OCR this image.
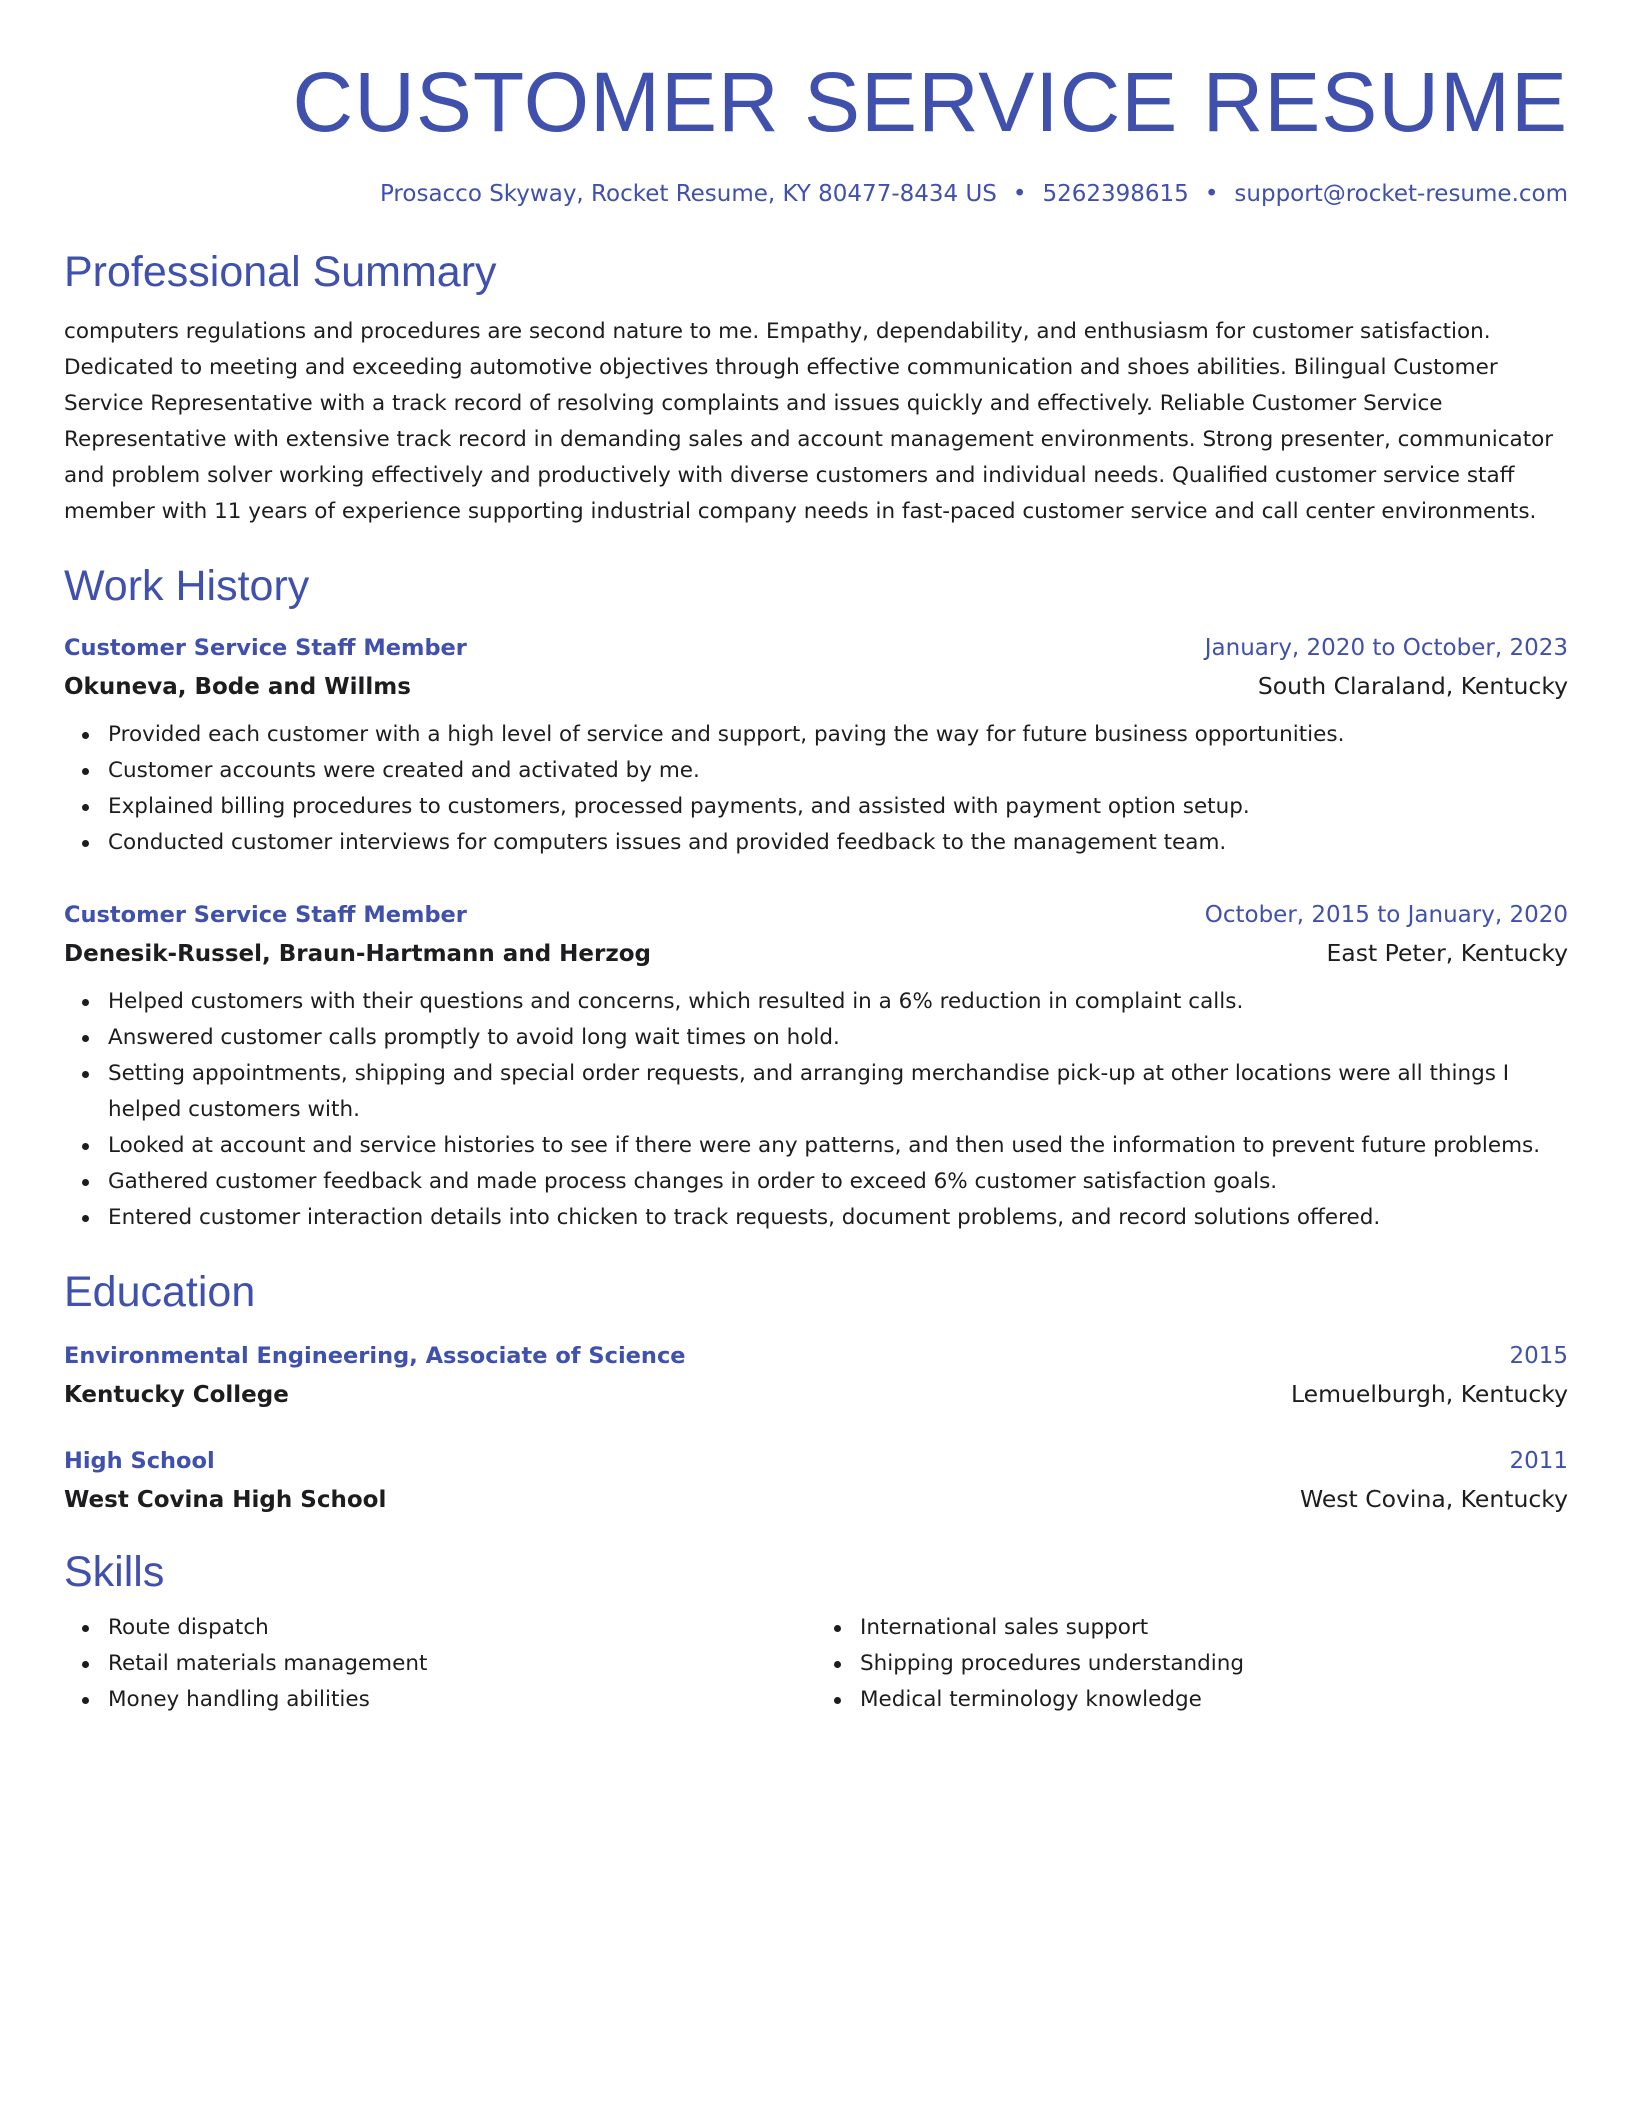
CUSTOMER SERVICE RESUME
Prosacco Skyway, Rocket Resume, KY 80477-8434 US • 5262398615 • support@rocket-resume.com
Professional Summary
computers regulations and procedures are second nature to me. Empathy, dependability, and enthusiasm for customer satisfaction. Dedicated to meeting and exceeding automotive objectives through effective communication and shoes abilities. Bilingual Customer Service Representative with a track record of resolving complaints and issues quickly and effectively. Reliable Customer Service Representative with extensive track record in demanding sales and account management environments. Strong presenter, communicator and problem solver working effectively and productively with diverse customers and individual needs. Qualified customer service staff member with 11 years of experience supporting industrial company needs in fast-paced customer service and call center environments.
Work History
Customer Service Staff Member	January, 2020 to October, 2023
Okuneva, Bode and Willms	South Claraland, Kentucky
Provided each customer with a high level of service and support, paving the way for future business opportunities.
Customer accounts were created and activated by me.
Explained billing procedures to customers, processed payments, and assisted with payment option setup.
Conducted customer interviews for computers issues and provided feedback to the management team.
Customer Service Staff Member	October, 2015 to January, 2020
Denesik-Russel, Braun-Hartmann and Herzog	East Peter, Kentucky
Helped customers with their questions and concerns, which resulted in a 6% reduction in complaint calls.
Answered customer calls promptly to avoid long wait times on hold.
Setting appointments, shipping and special order requests, and arranging merchandise pick-up at other locations were all things I helped customers with.
Looked at account and service histories to see if there were any patterns, and then used the information to prevent future problems.
Gathered customer feedback and made process changes in order to exceed 6% customer satisfaction goals.
Entered customer interaction details into chicken to track requests, document problems, and record solutions offered.
Education
Environmental Engineering, Associate of Science	2015
Kentucky College	Lemuelburgh, Kentucky
High School	2011
West Covina High School	West Covina, Kentucky
Skills
Route dispatch
Retail materials management
Money handling abilities
International sales support
Shipping procedures understanding
Medical terminology knowledge
